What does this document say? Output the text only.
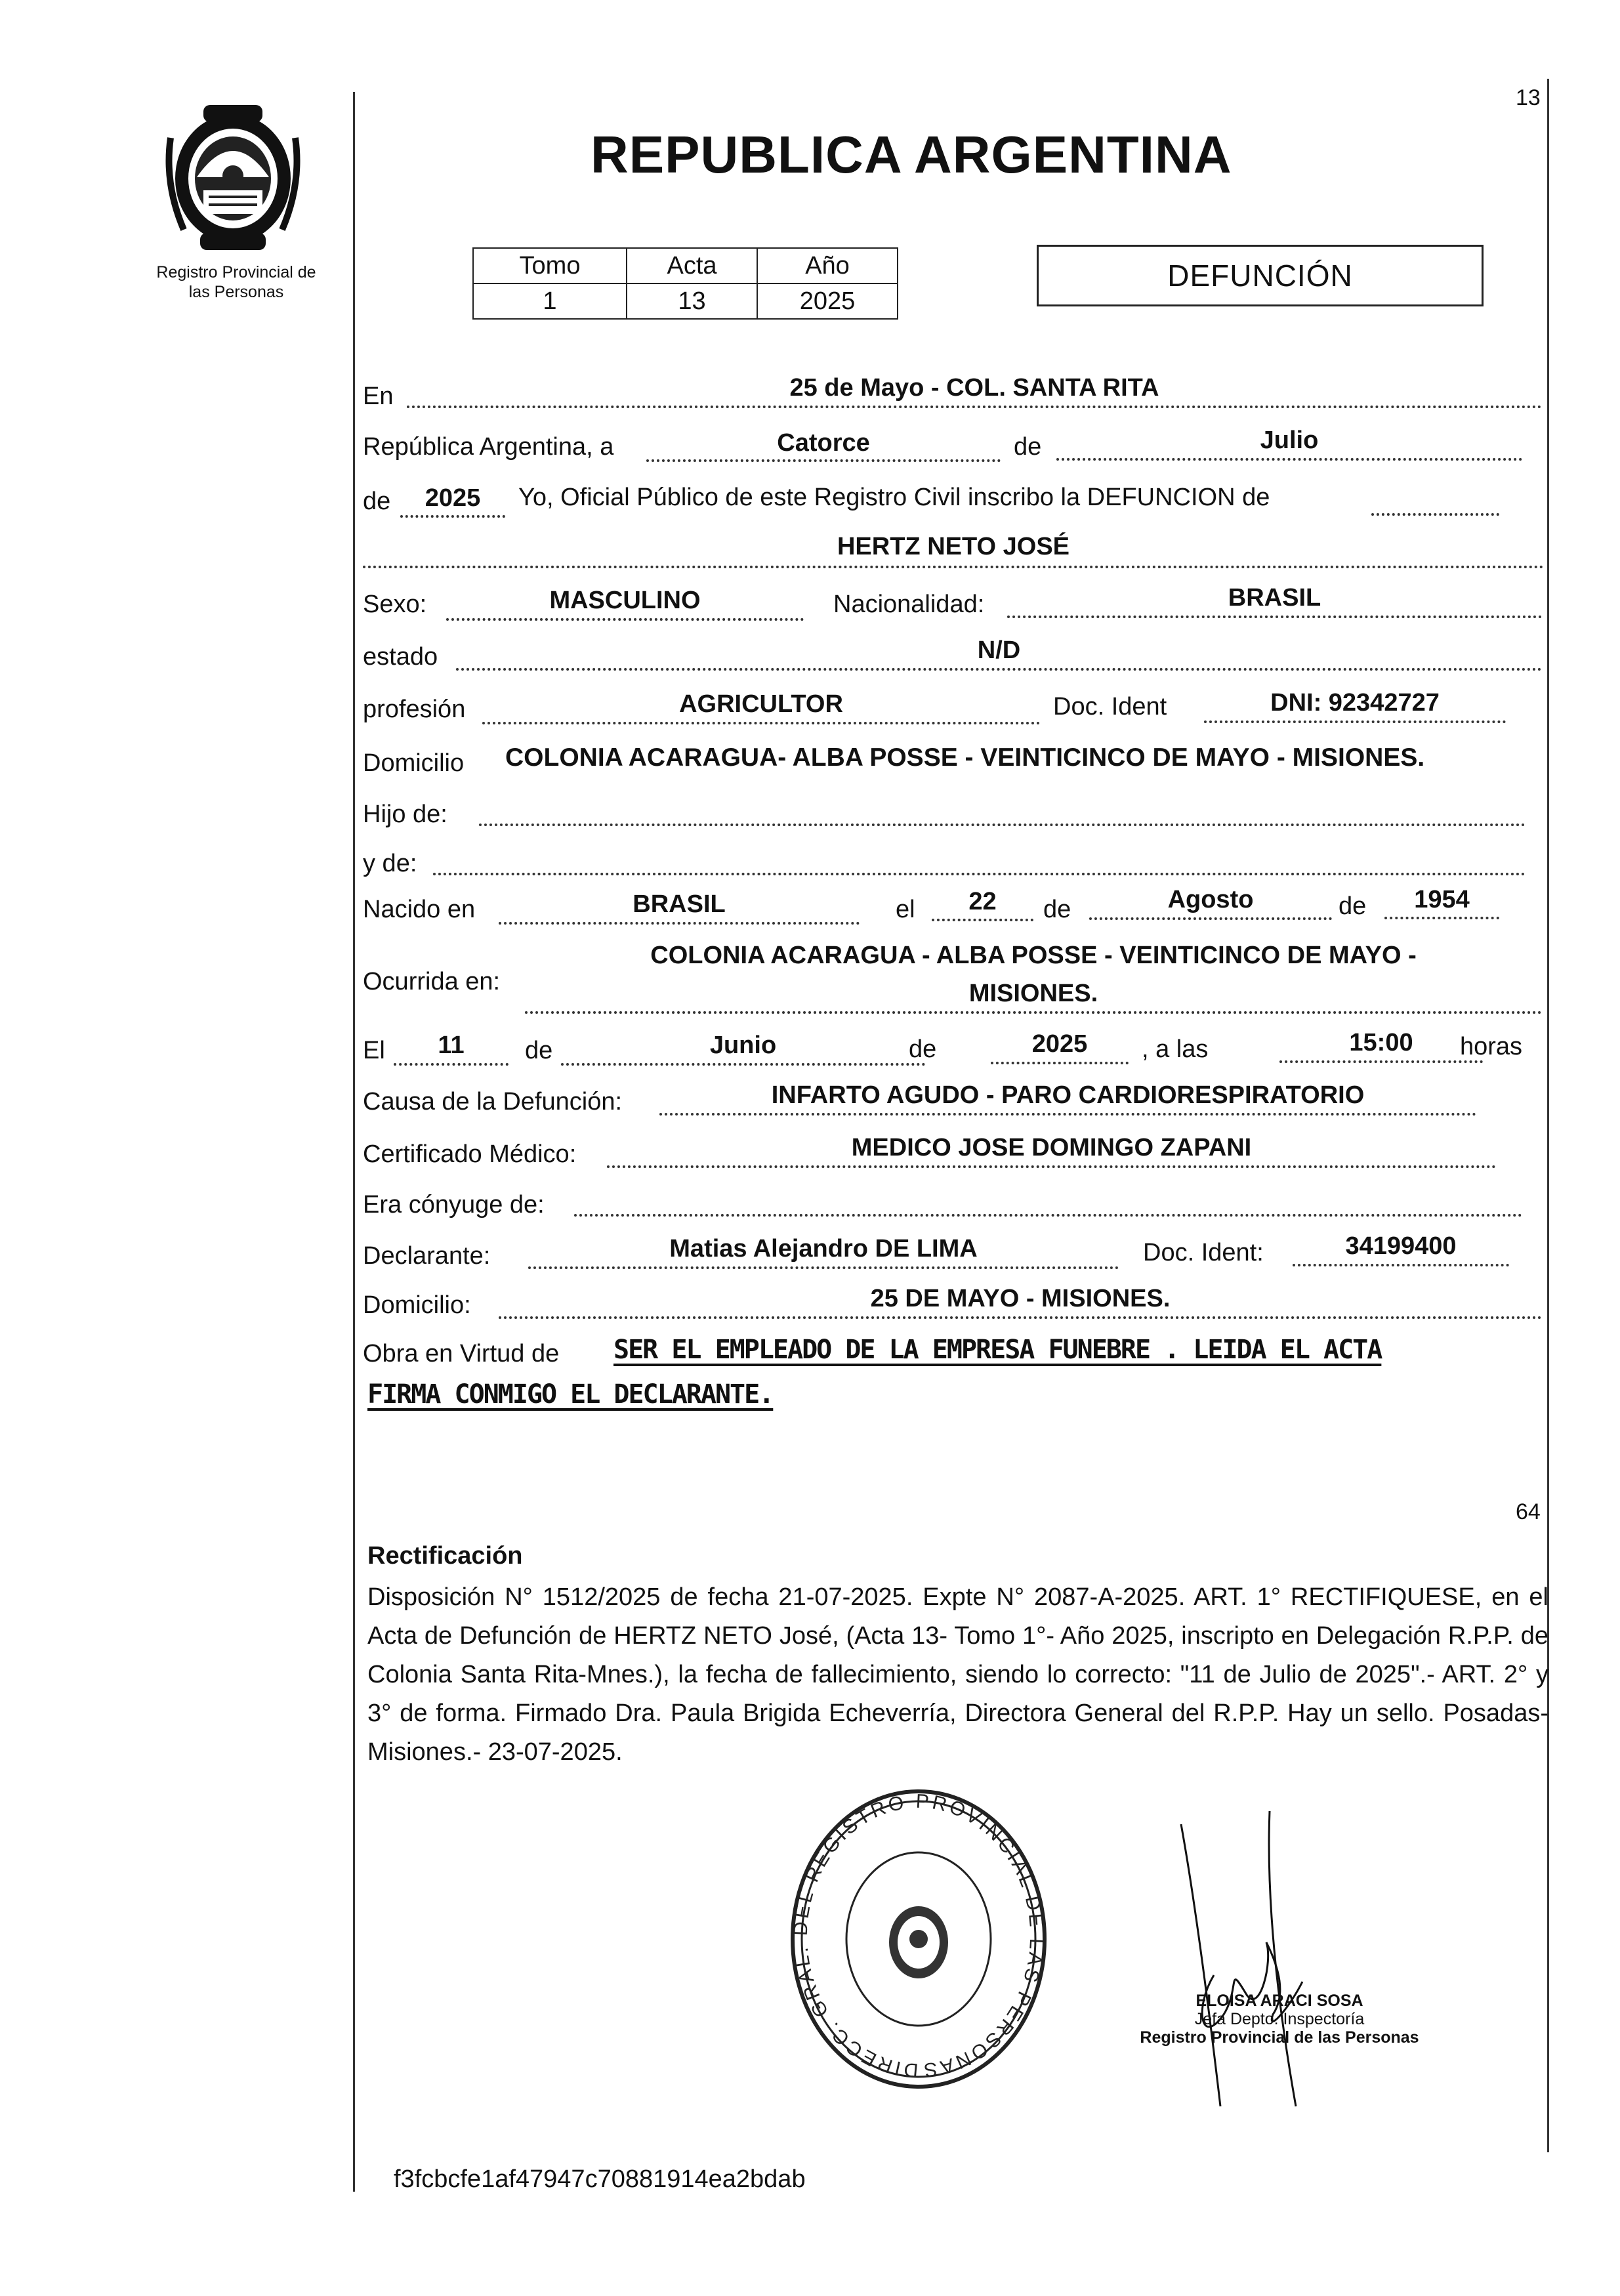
Registro Provincial de
las Personas
13
REPUBLICA ARGENTINA
Tomo	Acta	Año
1	13	2025
DEFUNCIÓN
En	25 de Mayo - COL. SANTA RITA
República Argentina, a	Catorce	de	Julio
de	2025	Yo, Oficial Público de este Registro Civil inscribo la DEFUNCION de
HERTZ NETO JOSÉ
Sexo:	MASCULINO	Nacionalidad:	BRASIL
estado	N/D
profesión	AGRICULTOR	Doc. Ident	DNI: 92342727
Domicilio COLONIA ACARAGUA- ALBA POSSE - VEINTICINCO DE MAYO - MISIONES.
Hijo de:
y de:
Nacido en	BRASIL	el	22	de	Agosto	de	1954
Ocurrida en:
COLONIA ACARAGUA - ALBA POSSE - VEINTICINCO DE MAYO -
MISIONES.
El	11	de	Junio	de	2025	, a las	15:00	horas
Causa de la Defunción:	INFARTO AGUDO - PARO CARDIORESPIRATORIO
Certificado Médico:	MEDICO JOSE DOMINGO ZAPANI
Era cónyuge de:
Declarante:	Matias Alejandro DE LIMA	Doc. Ident:	34199400
Domicilio:	25 DE MAYO - MISIONES.
Obra en Virtud de SER EL EMPLEADO DE LA EMPRESA FUNEBRE . LEIDA EL ACTA
FIRMA CONMIGO EL DECLARANTE.
64
Rectificación
Disposición N° 1512/2025 de fecha 21-07-2025. Expte N° 2087-A-2025. ART. 1° RECTIFIQUESE, en el Acta de Defunción de HERTZ NETO José, (Acta 13- Tomo 1°- Año 2025, inscripto en Delegación R.P.P. de Colonia Santa Rita-Mnes.), la fecha de fallecimiento, siendo lo correcto: "11 de Julio de 2025".- ART. 2° y 3° de forma. Firmado Dra. Paula Brigida Echeverría, Directora General del R.P.P. Hay un sello. Posadas- Misiones.- 23-07-2025.
DIRECC. GRAL. DEL REGISTRO PROVINCIAL DE LAS PERSONAS
ELOISA ARACI SOSA
Jefa Depto. Inspectoría
Registro Provincial de las Personas
f3fcbcfe1af47947c70881914ea2bdab
